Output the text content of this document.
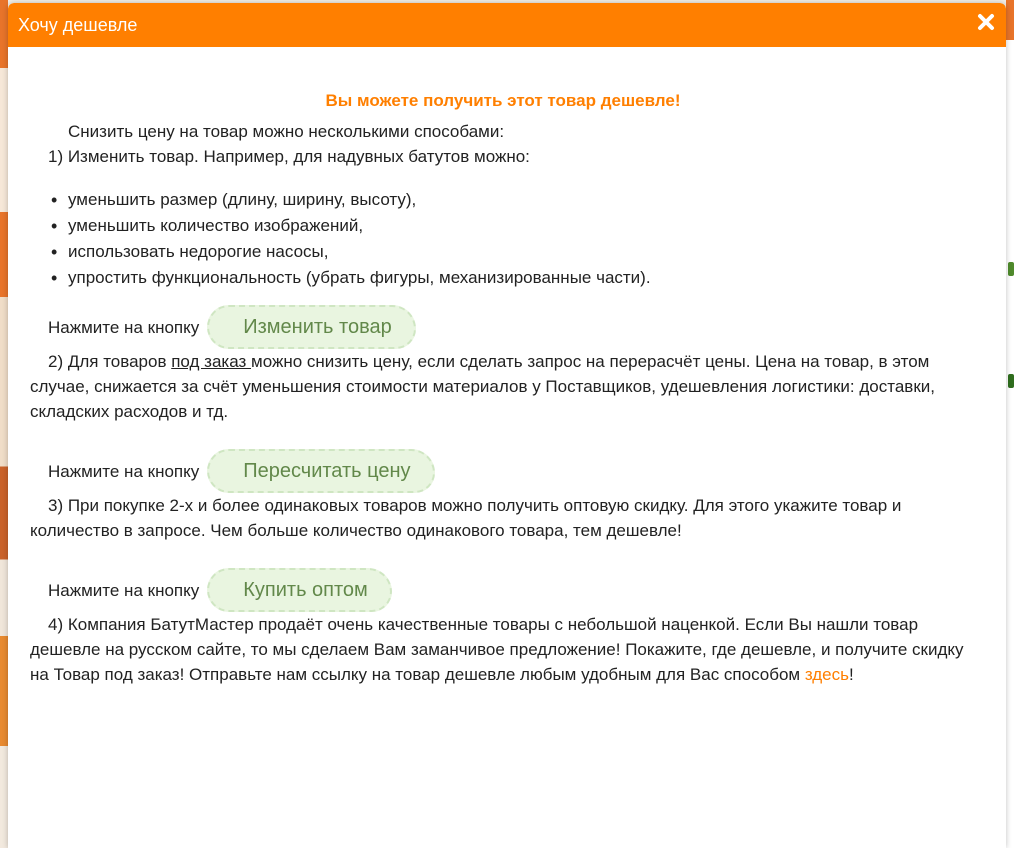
Хочу дешевле
Вы можете получить этот товар дешевле!
Снизить цену на товар можно несколькими способами:

1) Изменить товар. Например, для надувных батутов можно:

• уменьшить размер (длину, ширину, высоту),
• уменьшить количество изображений,
• использовать недорогие насосы,
• упростить функциональность (убрать фигуры, механизированные части).
Нажмите на кнопку	Изменить товар

2) Для товаров под заказ можно снизить цену, если сделать запрос на перерасчёт цены. Цена на товар, в этом случае, снижается за счёт уменьшения стоимости материалов у Поставщиков, удешевления логистики: доставки, складских расходов и тд.

Нажмите на кнопку	Пересчитать цену

3) При покупке 2-х и более одинаковых товаров можно получить оптовую скидку. Для этого укажите товар и количество в запросе. Чем больше количество одинакового товара, тем дешевле!

Нажмите на кнопку	Купить оптом

4) Компания БатутМастер продаёт очень качественные товары с небольшой наценкой. Если Вы нашли товар дешевле на русском сайте, то мы сделаем Вам заманчивое предложение! Покажите, где дешевле, и получите скидку на Товар под заказ! Отправьте нам ссылку на товар дешевле любым удобным для Вас способом здесь!
